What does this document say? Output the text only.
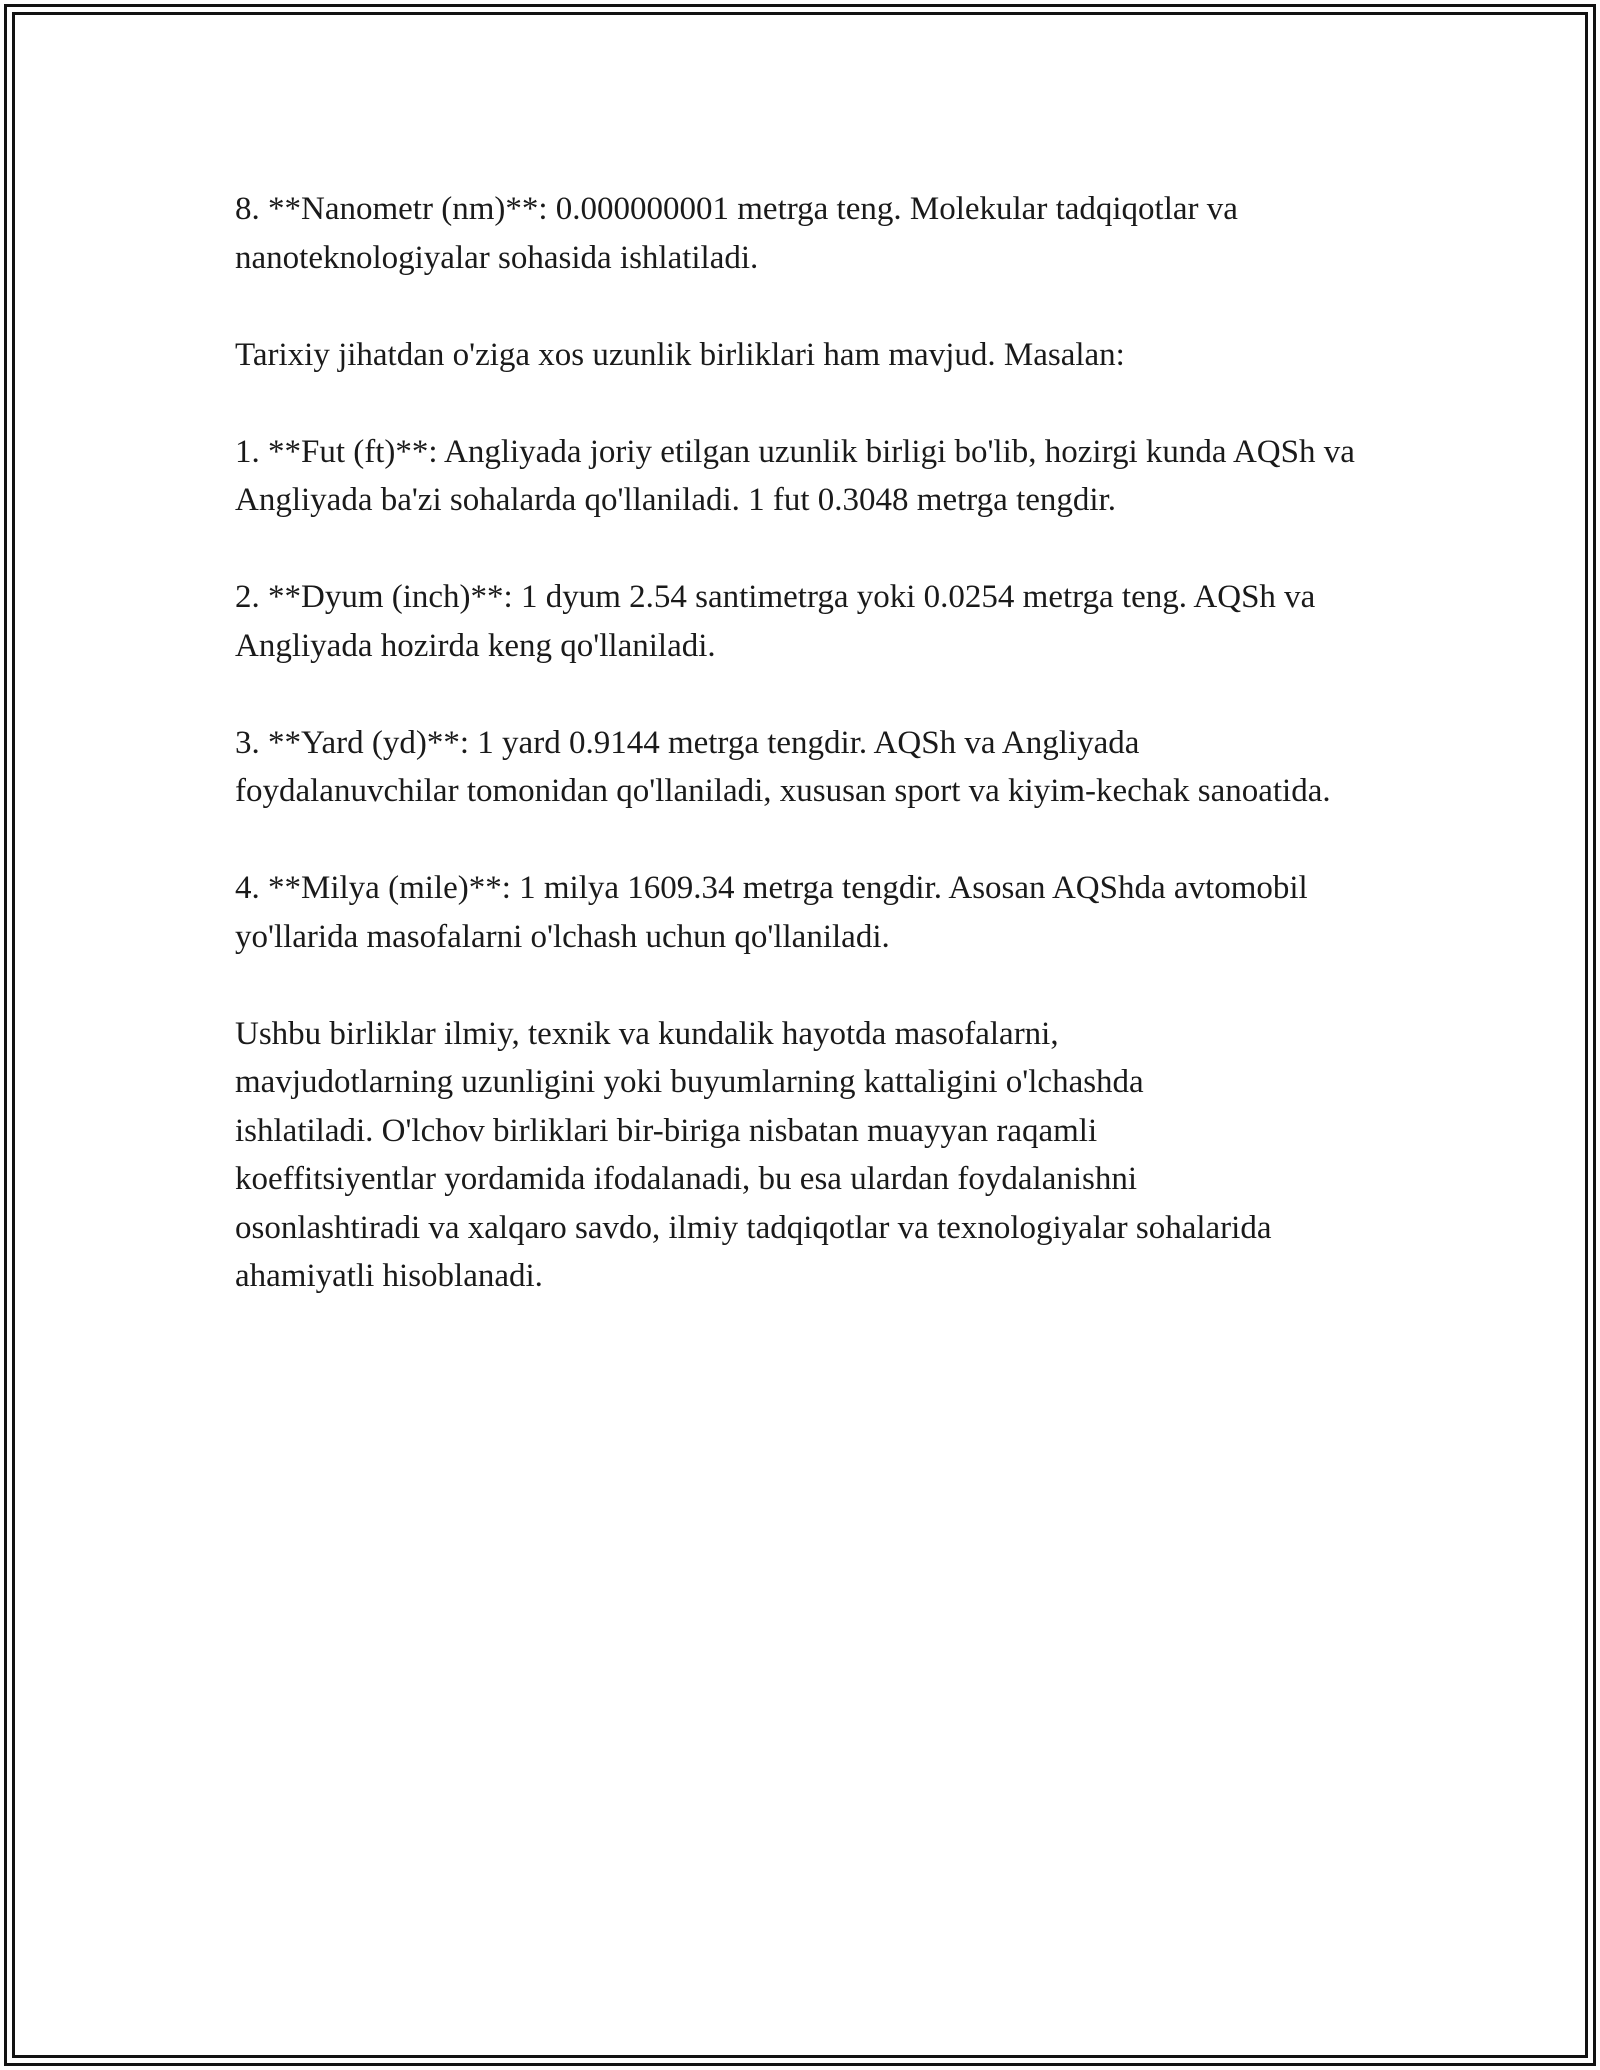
8. **Nanometr (nm)**: 0.000000001 metrga teng. Molekular tadqiqotlar va nanoteknologiyalar sohasida ishlatiladi.

Tarixiy jihatdan o'ziga xos uzunlik birliklari ham mavjud. Masalan:

1. **Fut (ft)**: Angliyada joriy etilgan uzunlik birligi bo'lib, hozirgi kunda AQSh va Angliyada ba'zi sohalarda qo'llaniladi. 1 fut 0.3048 metrga tengdir.

2. **Dyum (inch)**: 1 dyum 2.54 santimetrga yoki 0.0254 metrga teng. AQSh va Angliyada hozirda keng qo'llaniladi.

3. **Yard (yd)**: 1 yard 0.9144 metrga tengdir. AQSh va Angliyada foydalanuvchilar tomonidan qo'llaniladi, xususan sport va kiyim-kechak sanoatida.

4. **Milya (mile)**: 1 milya 1609.34 metrga tengdir. Asosan AQShda avtomobil yo'llarida masofalarni o'lchash uchun qo'llaniladi.

Ushbu birliklar ilmiy, texnik va kundalik hayotda masofalarni, mavjudotlarning uzunligini yoki buyumlarning kattaligini o'lchashda ishlatiladi. O'lchov birliklari bir-biriga nisbatan muayyan raqamli koeffitsiyentlar yordamida ifodalanadi, bu esa ulardan foydalanishni osonlashtiradi va xalqaro savdo, ilmiy tadqiqotlar va texnologiyalar sohalarida ahamiyatli hisoblanadi.
